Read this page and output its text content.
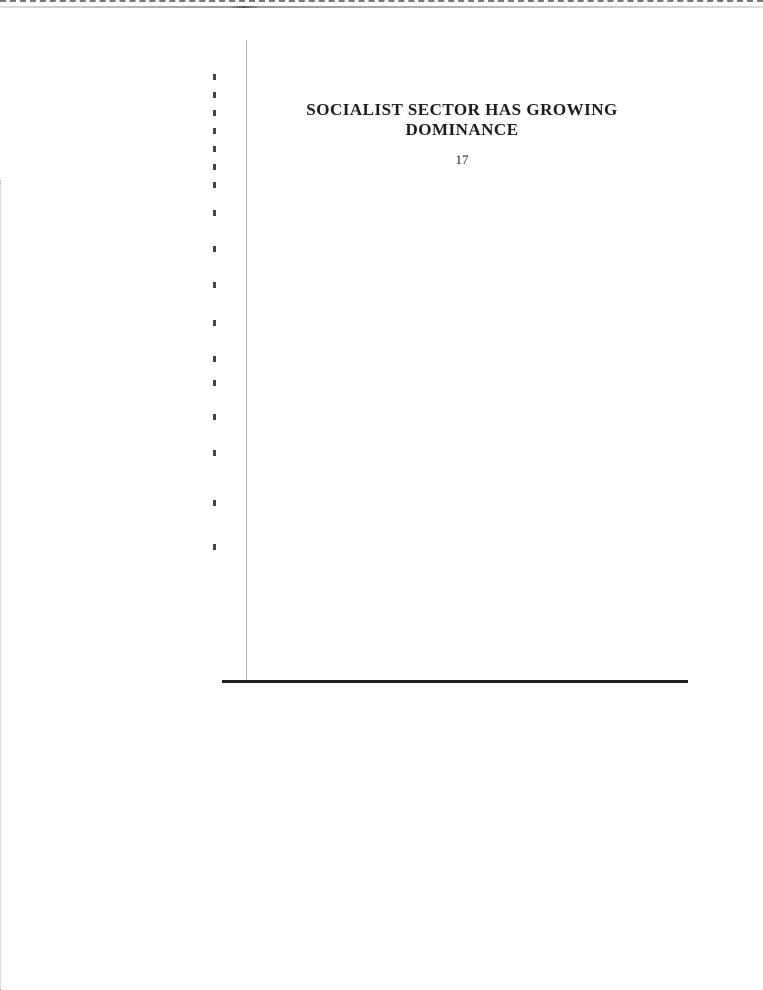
SOCIALIST SECTOR HAS GROWING DOMINANCE
17
